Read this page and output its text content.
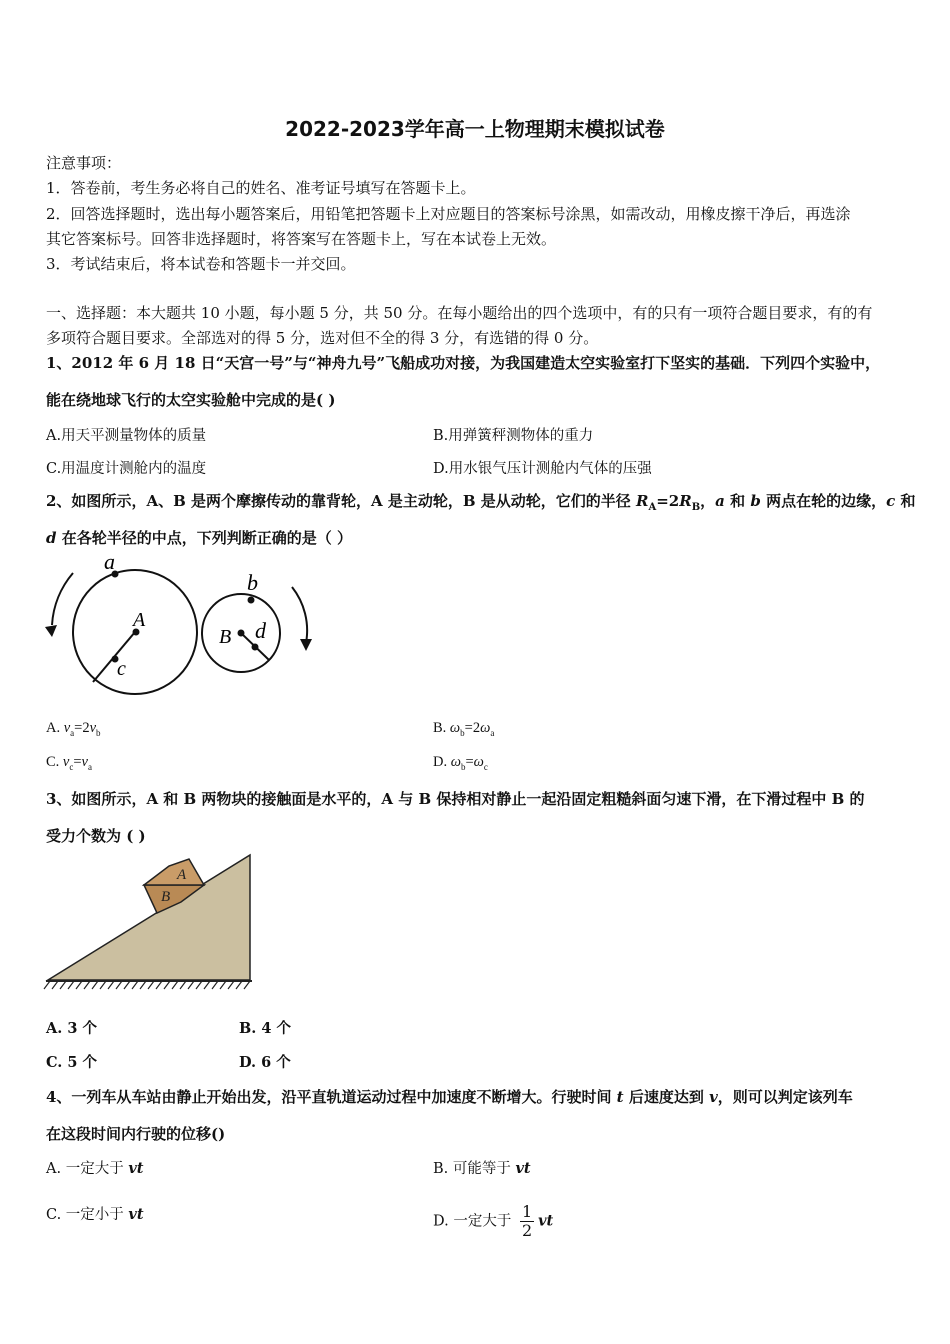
2022-2023学年高一上物理期末模拟试卷
注意事项：
1．答卷前，考生务必将自己的姓名、准考证号填写在答题卡上。
2．回答选择题时，选出每小题答案后，用铅笔把答题卡上对应题目的答案标号涂黑，如需改动，用橡皮擦干净后，再选涂
其它答案标号。回答非选择题时，将答案写在答题卡上，写在本试卷上无效。
3．考试结束后，将本试卷和答题卡一并交回。
一、选择题：本大题共 10 小题，每小题 5 分，共 50 分。在每小题给出的四个选项中，有的只有一项符合题目要求，有的有
多项符合题目要求。全部选对的得 5 分，选对但不全的得 3 分，有选错的得 0 分。
1、2012 年 6 月 18 日“天宫一号”与“神舟九号”飞船成功对接，为我国建造太空实验室打下坚实的基础．下列四个实验中，
能在绕地球飞行的太空实验舱中完成的是( )
A.用天平测量物体的质量	B.用弹簧秤测物体的重力
C.用温度计测舱内的温度	D.用水银气压计测舱内气体的压强
2、如图所示，A、B 是两个摩擦传动的靠背轮，A 是主动轮，B 是从动轮，它们的半径 $R_A=2R_B$，a 和 b 两点在轮的边缘，c 和
d 在各轮半径的中点，下列判断正确的是（ ）
a
A
c
b
B d
A. $v_a=2v_b$	B. $\omega_b=2\omega_a$
C. $v_c=v_a$	D. $\omega_b=\omega_c$
3、如图所示，A 和 B 两物块的接触面是水平的，A 与 B 保持相对静止一起沿固定粗糙斜面匀速下滑，在下滑过程中 B 的
受力个数为 ( )
A
B
A. 3 个	B. 4 个
C. 5 个	D. 6 个
4、一列车从车站由静止开始出发，沿平直轨道运动过程中加速度不断增大。行驶时间 t 后速度达到 v，则可以判定该列车
在这段时间内行驶的位移()
A. 一定大于 vt	B. 可能等于 vt
C. 一定小于 vt	D. 一定大于 $\frac{1}{2}$ vt
